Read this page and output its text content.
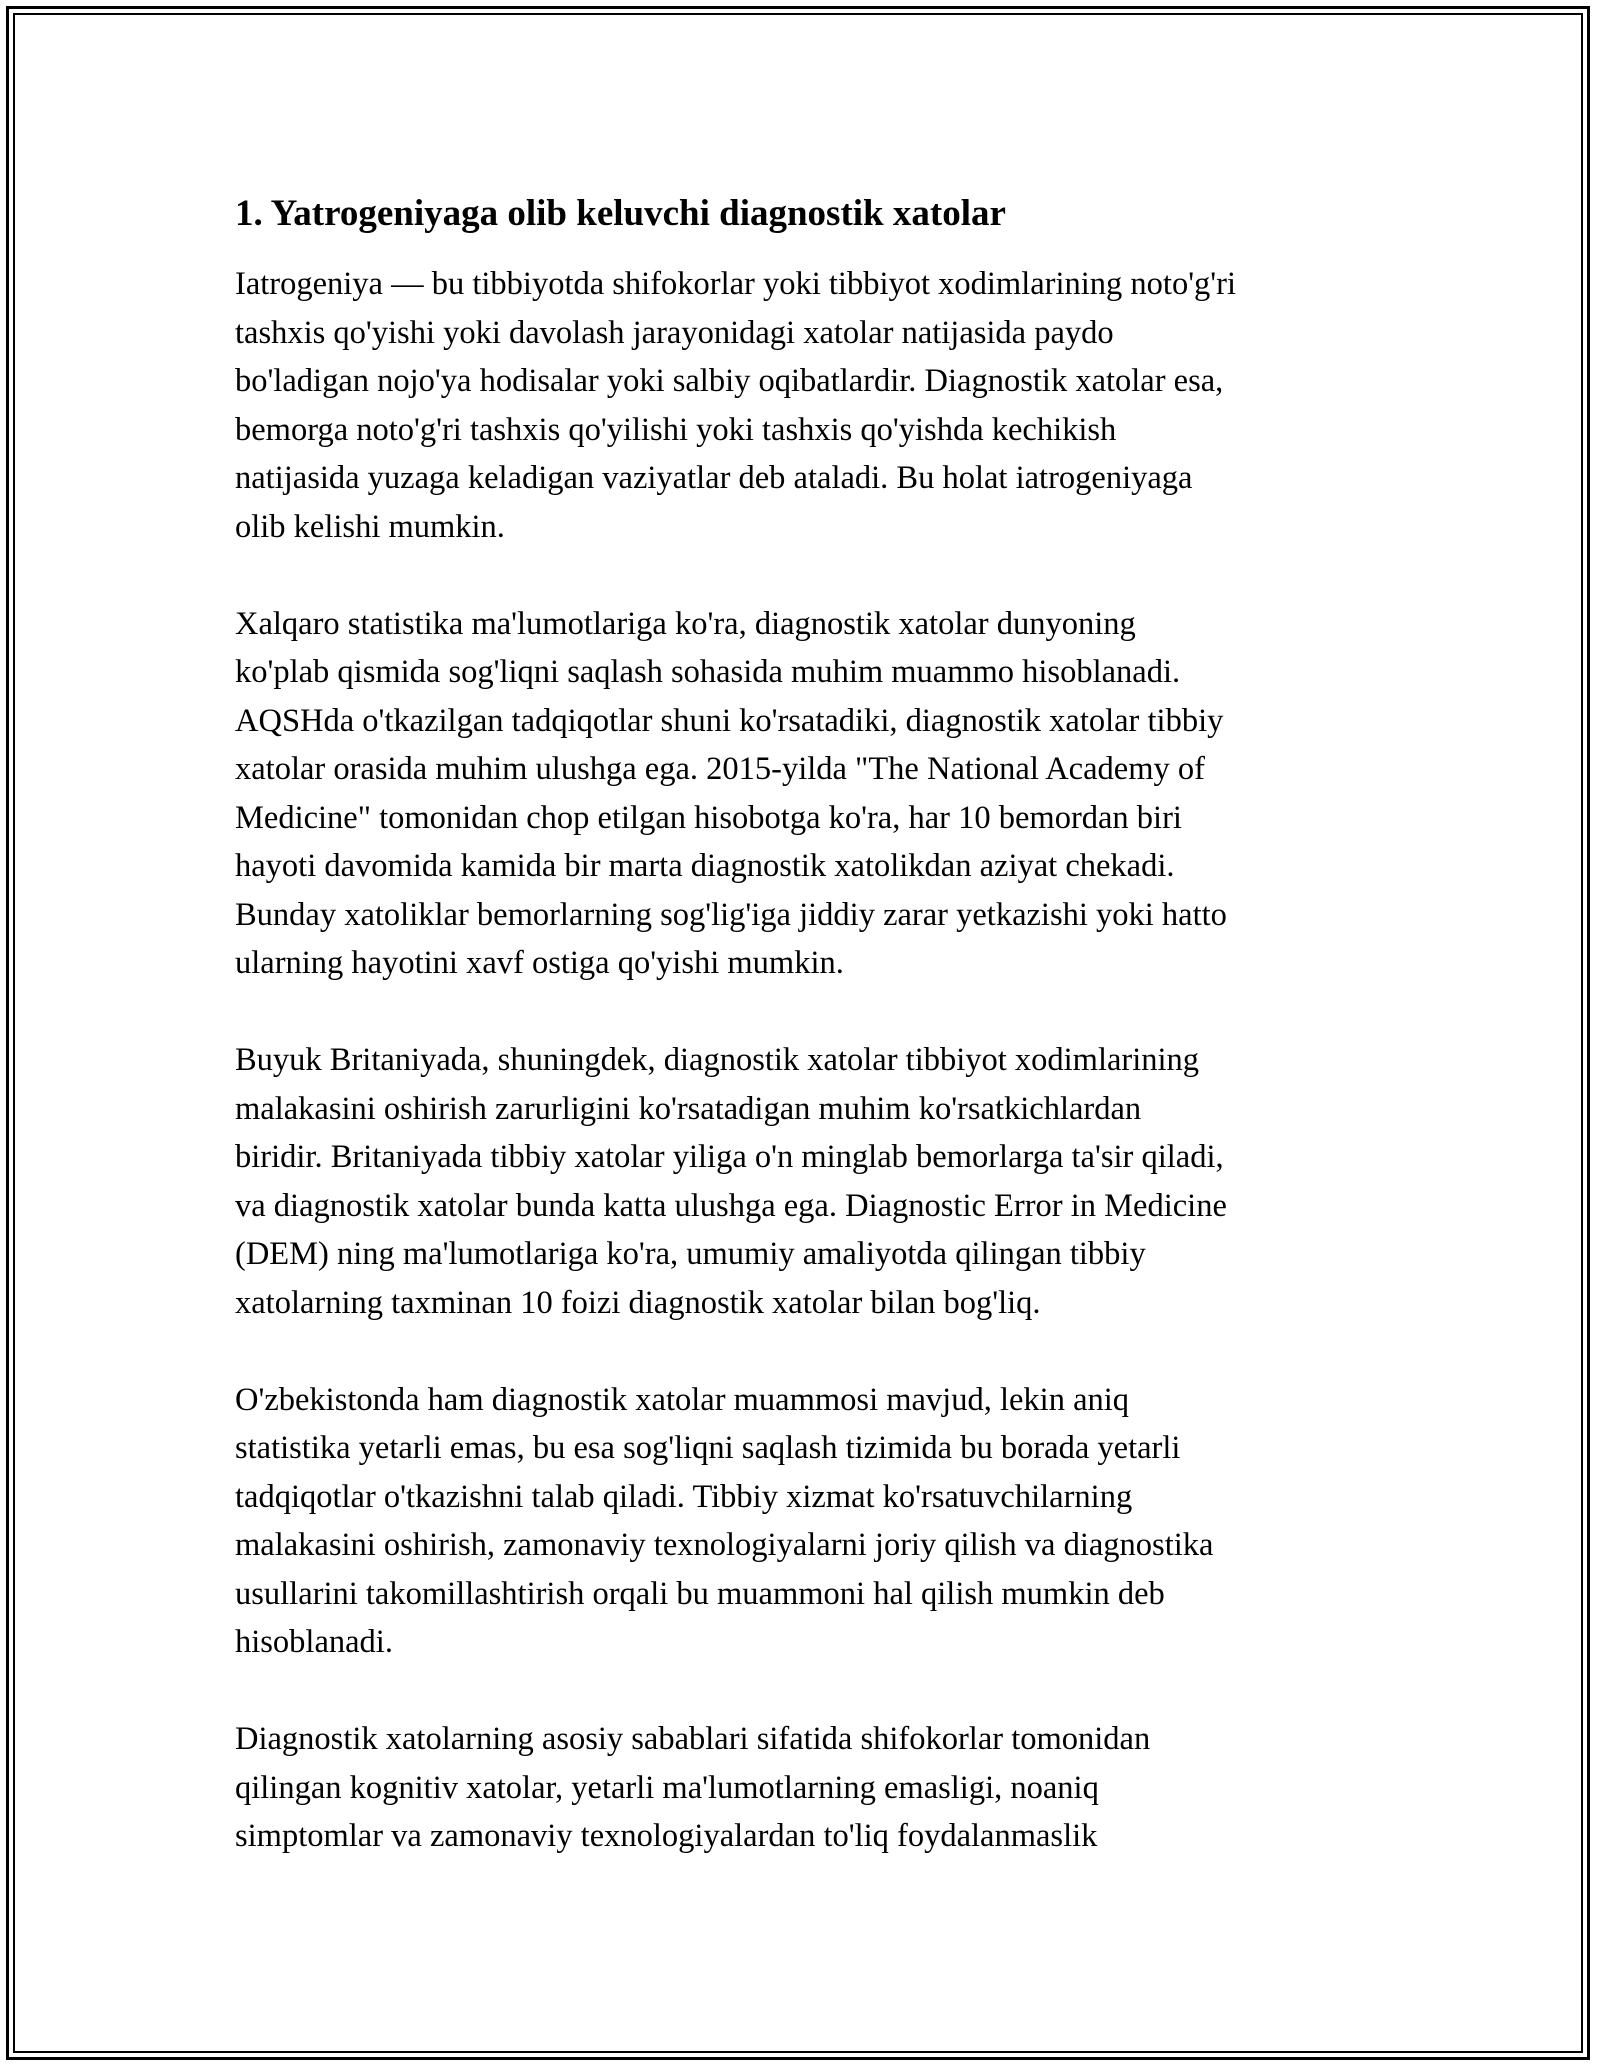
1. Yatrogeniyaga olib keluvchi diagnostik xatolar

Iatrogeniya — bu tibbiyotda shifokorlar yoki tibbiyot xodimlarining noto'g'ri
tashxis qo'yishi yoki davolash jarayonidagi xatolar natijasida paydo
bo'ladigan nojo'ya hodisalar yoki salbiy oqibatlardir. Diagnostik xatolar esa,
bemorga noto'g'ri tashxis qo'yilishi yoki tashxis qo'yishda kechikish
natijasida yuzaga keladigan vaziyatlar deb ataladi. Bu holat iatrogeniyaga
olib kelishi mumkin.

Xalqaro statistika ma'lumotlariga ko'ra, diagnostik xatolar dunyoning
ko'plab qismida sog'liqni saqlash sohasida muhim muammo hisoblanadi.
AQSHda o'tkazilgan tadqiqotlar shuni ko'rsatadiki, diagnostik xatolar tibbiy
xatolar orasida muhim ulushga ega. 2015-yilda "The National Academy of
Medicine" tomonidan chop etilgan hisobotga ko'ra, har 10 bemordan biri
hayoti davomida kamida bir marta diagnostik xatolikdan aziyat chekadi.
Bunday xatoliklar bemorlarning sog'lig'iga jiddiy zarar yetkazishi yoki hatto
ularning hayotini xavf ostiga qo'yishi mumkin.

Buyuk Britaniyada, shuningdek, diagnostik xatolar tibbiyot xodimlarining
malakasini oshirish zarurligini ko'rsatadigan muhim ko'rsatkichlardan
biridir. Britaniyada tibbiy xatolar yiliga o'n minglab bemorlarga ta'sir qiladi,
va diagnostik xatolar bunda katta ulushga ega. Diagnostic Error in Medicine
(DEM) ning ma'lumotlariga ko'ra, umumiy amaliyotda qilingan tibbiy
xatolarning taxminan 10 foizi diagnostik xatolar bilan bog'liq.

O'zbekistonda ham diagnostik xatolar muammosi mavjud, lekin aniq
statistika yetarli emas, bu esa sog'liqni saqlash tizimida bu borada yetarli
tadqiqotlar o'tkazishni talab qiladi. Tibbiy xizmat ko'rsatuvchilarning
malakasini oshirish, zamonaviy texnologiyalarni joriy qilish va diagnostika
usullarini takomillashtirish orqali bu muammoni hal qilish mumkin deb
hisoblanadi.

Diagnostik xatolarning asosiy sabablari sifatida shifokorlar tomonidan
qilingan kognitiv xatolar, yetarli ma'lumotlarning emasligi, noaniq
simptomlar va zamonaviy texnologiyalardan to'liq foydalanmaslik
